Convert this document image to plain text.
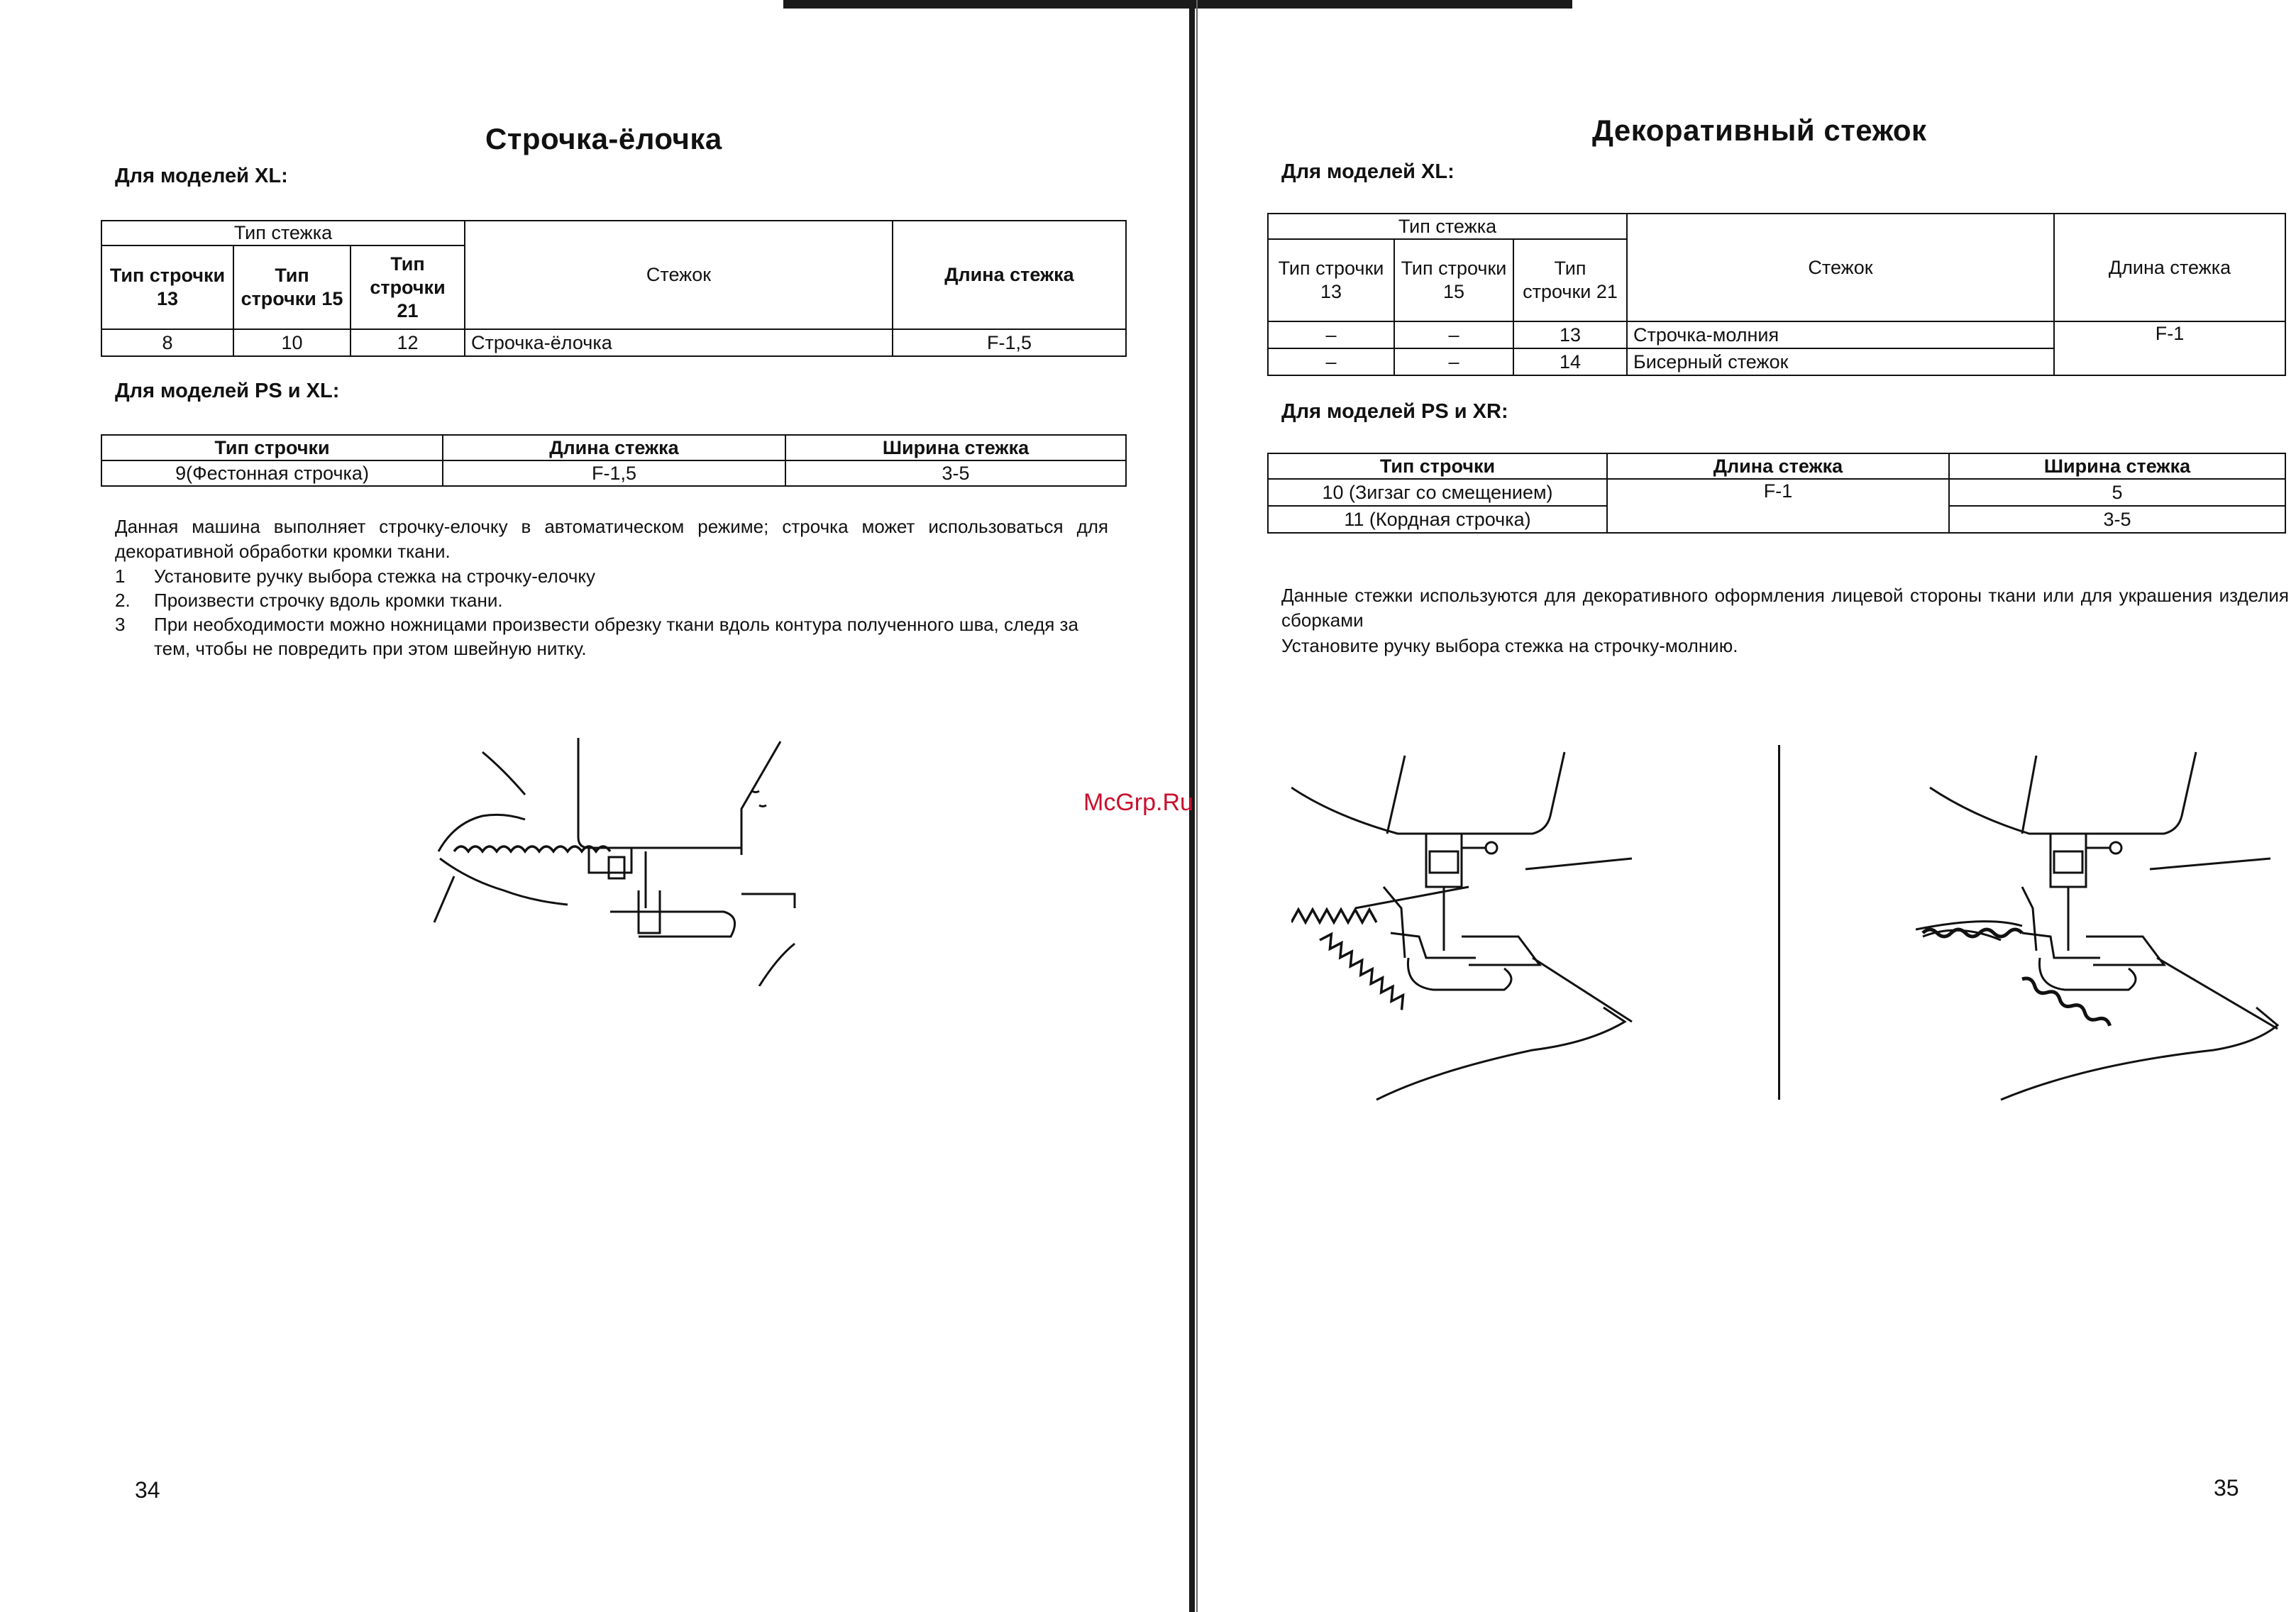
Строчка-ёлочка
Для моделей XL:
Тип стежка			Стежок	Длина стежка
Тип строчки 13	Тип строчки 15	Тип строчки 21		
8	10	12	Строчка-ёлочка	F-1,5
Для моделей PS и XL:
Тип строчки	Длина стежка	Ширина стежка
9(Фестонная строчка)	F-1,5	3-5
Данная машина выполняет строчку-елочку в автоматическом режиме; строчка может использоваться для декоративной обработки кромки ткани.
1 Установите ручку выбора стежка на строчку-елочку
2. Произвести строчку вдоль кромки ткани.
3 При необходимости можно ножницами произвести обрезку ткани вдоль контура полученного шва, следя за тем, чтобы не повредить при этом швейную нитку.
34
Декоративный стежок
Для моделей XL:
Тип стежка			Стежок	Длина стежка
Тип строчки 13	Тип строчки 15	Тип строчки 21		
–	–	13	Строчка-молния	F-1
–	–	14	Бисерный стежок	
Для моделей PS и XR:
Тип строчки	Длина стежка	Ширина стежка
10 (Зигзаг со смещением)	F-1	5
11 (Кордная строчка)		3-5
Данные стежки используются для декоративного оформления лицевой стороны ткани или для украшения изделия сборками
Установите ручку выбора стежка на строчку-молнию.
35
McGrp.Ru
